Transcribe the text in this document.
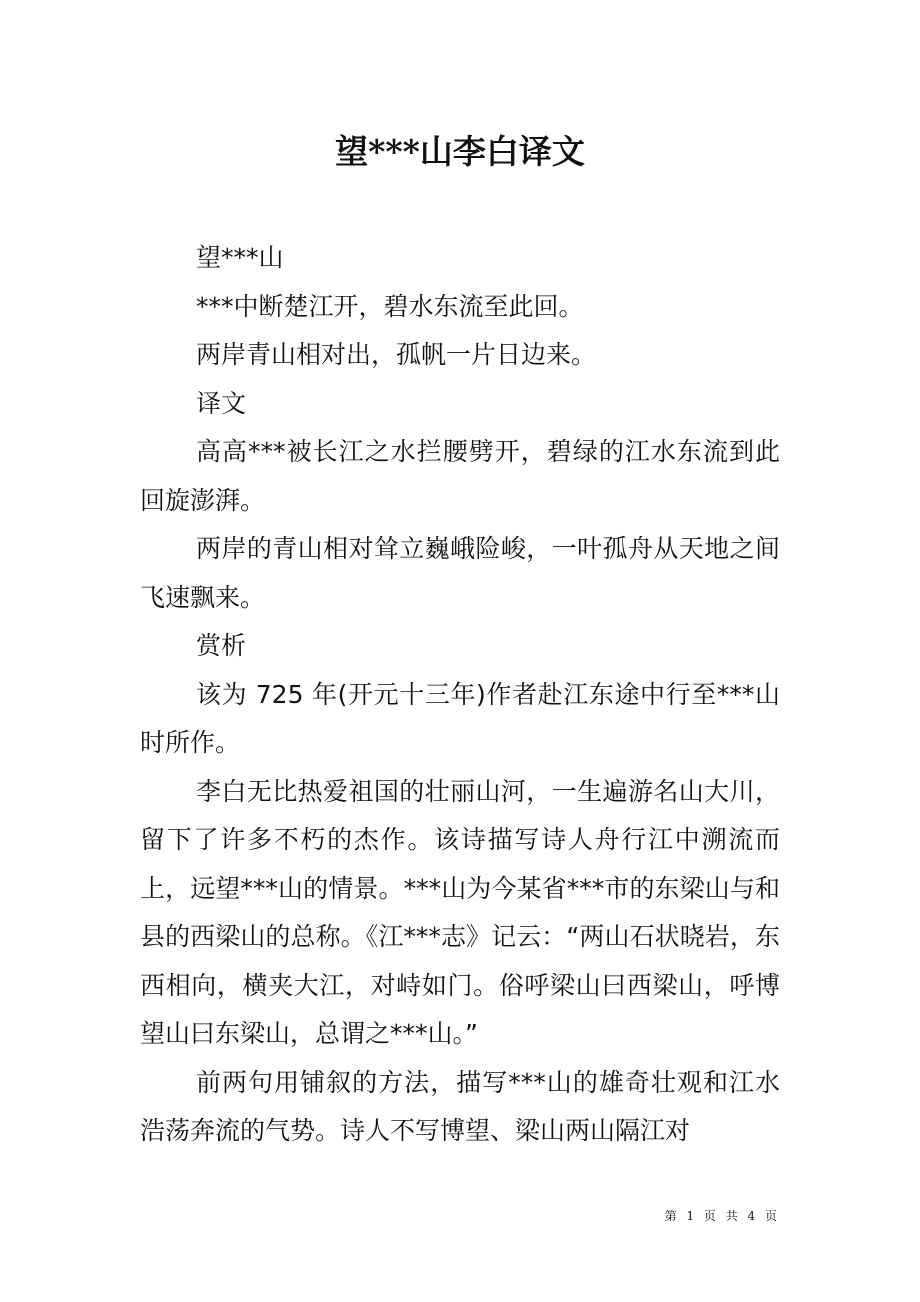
望***山李白译文

望***山

***中断楚江开，碧水东流至此回。

两岸青山相对出，孤帆一片日边来。

译文

高高***被长江之水拦腰劈开，碧绿的江水东流到此回旋澎湃。

两岸的青山相对耸立巍峨险峻，一叶孤舟从天地之间飞速飘来。

赏析

该为 725 年(开元十三年)作者赴江东途中行至***山时所作。

李白无比热爱祖国的壮丽山河，一生遍游名山大川，留下了许多不朽的杰作。该诗描写诗人舟行江中溯流而上，远望***山的情景。***山为今某省***市的东梁山与和县的西梁山的总称。《江***志》记云：“两山石状晓岩，东西相向，横夹大江，对峙如门。俗呼梁山曰西梁山，呼博望山曰东梁山，总谓之***山。”

前两句用铺叙的方法，描写***山的雄奇壮观和江水浩荡奔流的气势。诗人不写博望、梁山两山隔江对

第 1 页 共 4 页
